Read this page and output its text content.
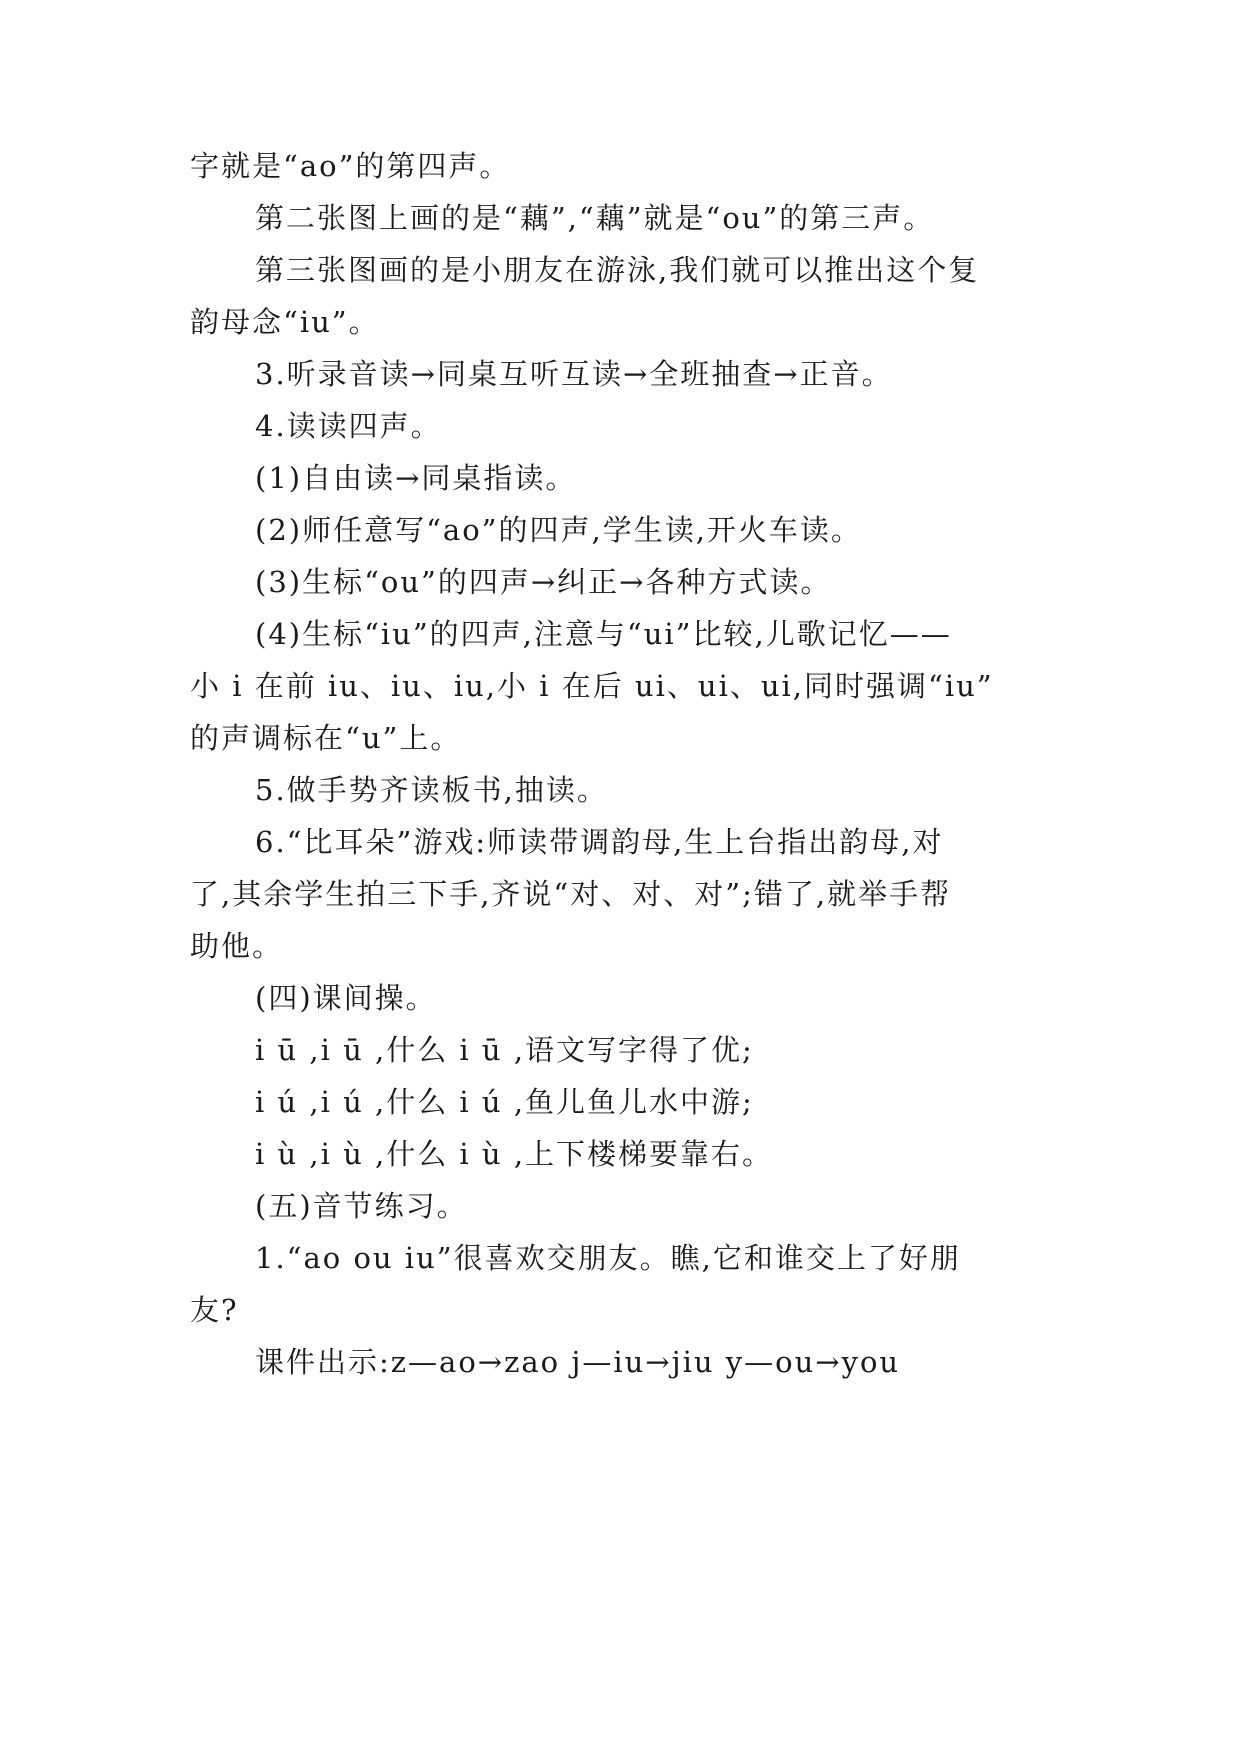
字就是“ao”的第四声。
第二张图上画的是“藕”,“藕”就是“ou”的第三声。
第三张图画的是小朋友在游泳,我们就可以推出这个复
韵母念“iu”。
3.听录音读→同桌互听互读→全班抽查→正音。
4.读读四声。
(1)自由读→同桌指读。
(2)师任意写“ao”的四声,学生读,开火车读。
(3)生标“ou”的四声→纠正→各种方式读。
(4)生标“iu”的四声,注意与“ui”比较,儿歌记忆——
小 i 在前 iu、iu、iu,小 i 在后 ui、ui、ui,同时强调“iu”
的声调标在“u”上。
5.做手势齐读板书,抽读。
6.“比耳朵”游戏:师读带调韵母,生上台指出韵母,对
了,其余学生拍三下手,齐说“对、对、对”;错了,就举手帮
助他。
(四)课间操。
i ū ,i ū ,什么 i ū ,语文写字得了优;
i ú ,i ú ,什么 i ú ,鱼儿鱼儿水中游;
i ù ,i ù ,什么 i ù ,上下楼梯要靠右。
(五)音节练习。
1.“ao ou iu”很喜欢交朋友。瞧,它和谁交上了好朋
友?
课件出示:z—ao→zao j—iu→jiu y—ou→you
